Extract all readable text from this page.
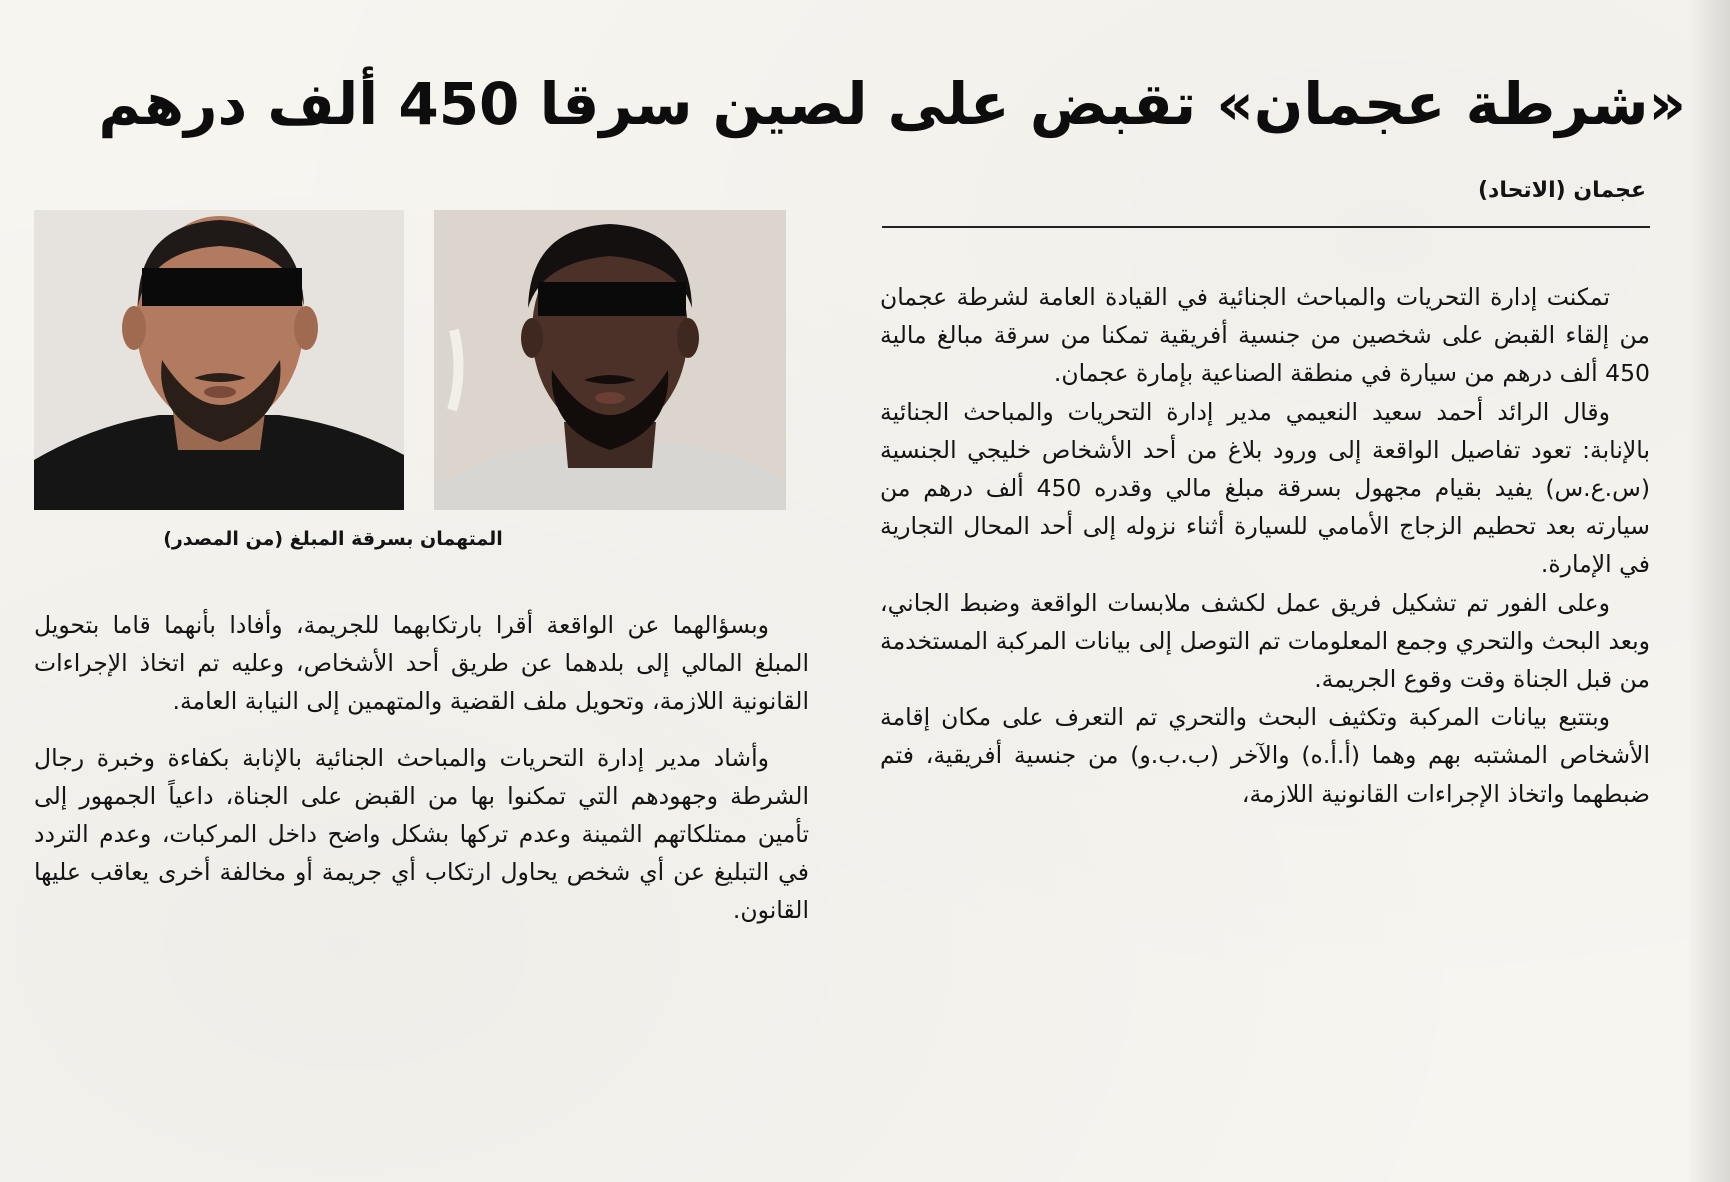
«شرطة عجمان» تقبض على لصين سرقا 450 ألف درهم

عجمان (الاتحاد)

المتهمان بسرقة المبلغ (من المصدر)

تمكنت إدارة التحريات والمباحث الجنائية في القيادة العامة لشرطة عجمان من إلقاء القبض على شخصين من جنسية أفريقية تمكنا من سرقة مبالغ مالية 450 ألف درهم من سيارة في منطقة الصناعية بإمارة عجمان.

وقال الرائد أحمد سعيد النعيمي مدير إدارة التحريات والمباحث الجنائية بالإنابة: تعود تفاصيل الواقعة إلى ورود بلاغ من أحد الأشخاص خليجي الجنسية (س.ع.س) يفيد بقيام مجهول بسرقة مبلغ مالي وقدره 450 ألف درهم من سيارته بعد تحطيم الزجاج الأمامي للسيارة أثناء نزوله إلى أحد المحال التجارية في الإمارة.

وعلى الفور تم تشكيل فريق عمل لكشف ملابسات الواقعة وضبط الجاني، وبعد البحث والتحري وجمع المعلومات تم التوصل إلى بيانات المركبة المستخدمة من قبل الجناة وقت وقوع الجريمة.

وبتتبع بيانات المركبة وتكثيف البحث والتحري تم التعرف على مكان إقامة الأشخاص المشتبه بهم وهما (أ.أ.ه) والآخر (ب.ب.و) من جنسية أفريقية، فتم ضبطهما واتخاذ الإجراءات القانونية اللازمة،

وبسؤالهما عن الواقعة أقرا بارتكابهما للجريمة، وأفادا بأنهما قاما بتحويل المبلغ المالي إلى بلدهما عن طريق أحد الأشخاص، وعليه تم اتخاذ الإجراءات القانونية اللازمة، وتحويل ملف القضية والمتهمين إلى النيابة العامة.

وأشاد مدير إدارة التحريات والمباحث الجنائية بالإنابة بكفاءة وخبرة رجال الشرطة وجهودهم التي تمكنوا بها من القبض على الجناة، داعياً الجمهور إلى تأمين ممتلكاتهم الثمينة وعدم تركها بشكل واضح داخل المركبات، وعدم التردد في التبليغ عن أي شخص يحاول ارتكاب أي جريمة أو مخالفة أخرى يعاقب عليها القانون.
